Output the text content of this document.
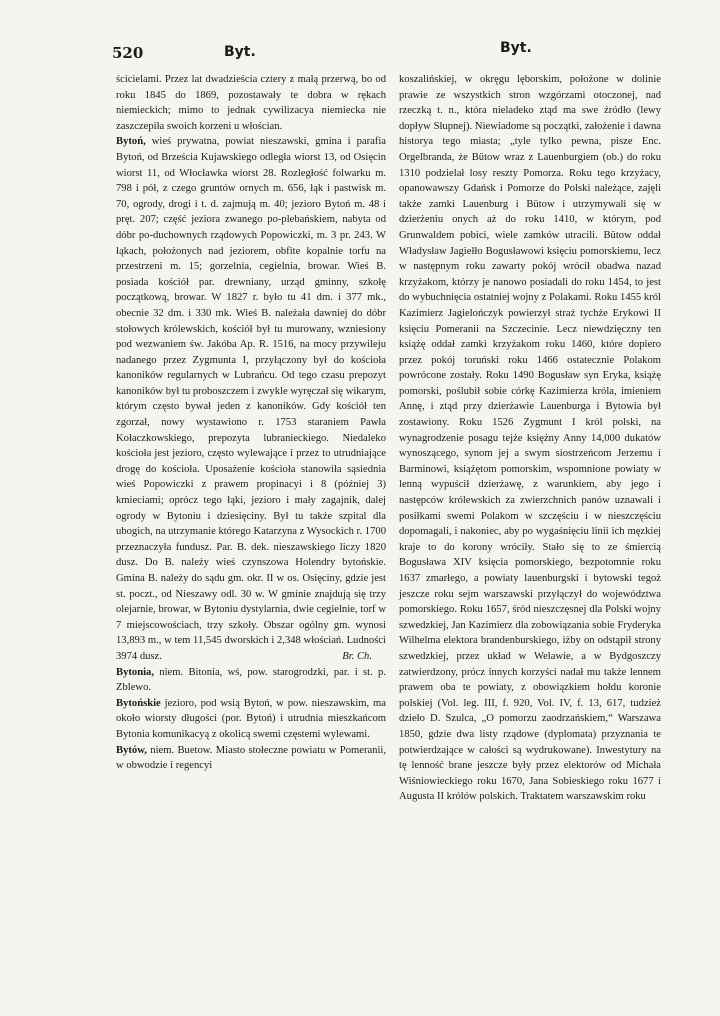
520	Byt.	Byt.

ścicielami. Przez lat dwadzieścia cztery z małą przerwą, bo od roku 1845 do 1869, pozostawały te dobra w rękach niemieckich; mimo to jednak cywilizacya niemiecka nie zaszczepiła swoich korzeni u włościan.

Bytoń, wieś prywatna, powiat nieszawski, gmina i parafia Bytoń, od Brześcia Kujawskiego odległa wiorst 13, od Osięcin wiorst 11, od Włocławka wiorst 28. Rozległość folwarku m. 798 i pół, z czego gruntów ornych m. 656, łąk i pastwisk m. 70, ogrody, drogi i t. d. zajmują m. 40; jezioro Bytoń m. 48 i pręt. 207; część jeziora zwanego po-plebańskiem, nabyta od dóbr po-duchownych rządowych Popowiczki, m. 3 pr. 243. W łąkach, położonych nad jeziorem, obfite kopalnie torfu na przestrzeni m. 15; gorzelnia, cegielnia, browar. Wieś B. posiada kościół par. drewniany, urząd gminny, szkołę początkową, browar. W 1827 r. było tu 41 dm. i 377 mk., obecnie 32 dm. i 330 mk. Wieś B. należała dawniej do dóbr stołowych królewskich, kościół był tu murowany, wzniesiony pod wezwaniem św. Jakóba Ap. R. 1516, na mocy przywileju nadanego przez Zygmunta I, przyłączony był do kościoła kanoników regularnych w Lubrańcu. Od tego czasu prepozyt kanoników był tu proboszczem i zwykle wyręczał się wikarym, którym często bywał jeden z kanoników. Gdy kościół ten zgorzał, nowy wystawiono r. 1753 staraniem Pawła Kołaczkowskiego, prepozyta lubranieckiego. Niedaleko kościoła jest jezioro, często wylewające i przez to utrudniające drogę do kościoła. Uposażenie kościoła stanowiła sąsiednia wieś Popowiczki z prawem propinacyi i 8 (później 3) kmieciami; oprócz tego łąki, jezioro i mały zagajnik, dalej ogrody w Bytoniu i dziesięciny. Był tu także szpital dla ubogich, na utrzymanie którego Katarzyna z Wysockich r. 1700 przeznaczyła fundusz. Par. B. dek. nieszawskiego liczy 1820 dusz. Do B. należy wieś czynszowa Holendry bytońskie. Gmina B. należy do sądu gm. okr. II w os. Osięciny, gdzie jest st. poczt., od Nieszawy odl. 30 w. W gminie znajdują się trzy olejarnie, browar, w Bytoniu dystylarnia, dwie cegielnie, torf w 7 miejscowościach, trzy szkoły. Obszar ogólny gm. wynosi 13,893 m., w tem 11,545 dworskich i 2,348 włościań. Ludności 3974 dusz.	Br. Ch.

Bytonia, niem. Bitonia, wś, pow. starogrodzki, par. i st. p. Zblewo.

Bytońskie jezioro, pod wsią Bytoń, w pow. nieszawskim, ma około wiorsty długości (por. Bytoń) i utrudnia mieszkańcom Bytonia komunikacyą z okolicą swemi częstemi wylewami.

Bytów, niem. Buetow. Miasto stołeczne powiatu w Pomeranii, w obwodzie i regencyi

koszalińskiej, w okręgu lęborskim, położone w dolinie prawie ze wszystkich stron wzgórzami otoczonej, nad rzeczką t. n., która nieladeko ztąd ma swe źródło (lewy dopływ Słupnej). Niewiadome są początki, założenie i dawna historya tego miasta; „tyle tylko pewna, pisze Enc. Orgelbranda, że Bütow wraz z Lauenburgiem (ob.) do roku 1310 podzielał losy reszty Pomorza. Roku tego krzyżacy, opanowawszy Gdańsk i Pomorze do Polski należące, zajęli także zamki Lauenburg i Bütow i utrzymywali się w dzierżeniu onych aż do roku 1410, w którym, pod Grunwaldem pobici, wiele zamków utracili. Bütow oddał Władysław Jagiełło Bogusławowi księciu pomorskiemu, lecz w następnym roku zawarty pokój wrócił obadwa nazad krzyżakom, którzy je nanowo posiadali do roku 1454, to jest do wybuchnięcia ostatniej wojny z Polakami. Roku 1455 król Kazimierz Jagielończyk powierzył straż tychże Erykowi II księciu Pomeranii na Szczecinie. Lecz niewdzięczny ten książę oddał zamki krzyżakom roku 1460, które dopiero przez pokój toruński roku 1466 ostatecznie Polakom powrócone zostały. Roku 1490 Bogusław syn Eryka, książę pomorski, poślubił sobie córkę Kazimierza króla, imieniem Annę, i ztąd przy dzierżawie Lauenburga i Bytowia był zostawiony. Roku 1526 Zygmunt I król polski, na wynagrodzenie posagu tejże księżny Anny 14,000 dukatów wynoszącego, synom jej a swym siostrzeńcom Jerzemu i Barminowi, książętom pomorskim, wspomnione powiaty w lenną wypuścił dzierżawę, z warunkiem, aby jego i następców królewskich za zwierzchnich panów uznawali i posiłkami swemi Polakom w szczęściu i w nieszczęściu dopomagali, i nakoniec, aby po wygaśnięciu linii ich męzkiej kraje to do korony wróciły. Stało się to ze śmiercią Bogusława XIV księcia pomorskiego, bezpotomnie roku 1637 zmarłego, a powiaty lauenburgski i bytowski tegoż jeszcze roku sejm warszawski przyłączył do województwa pomorskiego. Roku 1657, śród nieszczęsnej dla Polski wojny szwedzkiej, Jan Kazimierz dla zobowiązania sobie Fryderyka Wilhelma elektora brandenburskiego, iżby on odstąpił strony szwedzkiej, przez układ w Welawie, a w Bydgoszczy zatwierdzony, prócz innych korzyści nadał mu także lennem prawem oba te powiaty, z obowiązkiem hołdu koronie polskiej (Vol. leg. III, f. 920, Vol. IV, f. 13, 617, tudzież dzieło D. Szulca, „O pomorzu zaodrzańskiem,“ Warszawa 1850, gdzie dwa listy rządowe (dyplomata) przyznania te potwierdzające w całości są wydrukowane). Inwestytury na tę lenność brane jeszcze były przez elektorów od Michała Wiśniowieckiego roku 1670, Jana Sobieskiego roku 1677 i Augusta II królów polskich. Traktatem warszawskim roku
